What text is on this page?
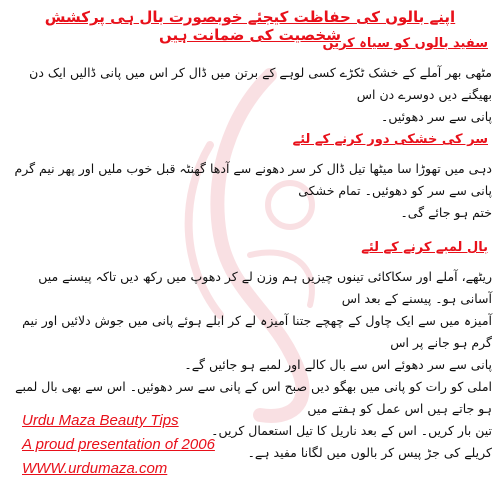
اپنے بالوں کی حفاظت کیجئے خوبصورت بال ہی پرکشش شخصیت کی ضمانت ہیں
سفید بالوں کو سیاہ کریں

مٹھی بھر آملے کے خشک ٹکڑے کسی لوہے کے برتن میں ڈال کر اس میں پانی ڈالیں ایک دن بھیگنے دیں دوسرے دن اس

پانی سے سر دھوئیں۔

سر کی خشکی دور کرنے کے لئے

دہی میں تھوڑا سا میٹھا تیل ڈال کر سر دھونے سے آدھا گھنٹہ قبل خوب ملیں اور پھر نیم گرم پانی سے سر کو دھوئیں۔ تمام خشکی

ختم ہو جائے گی۔

بال لمبے کرنے کے لئے

ریٹھے، آملے اور سکاکائی تینوں چیزیں ہم وزن لے کر دھوپ میں رکھ دیں تاکہ پیسنے میں آسانی ہو۔ پیسنے کے بعد اس

آمیزہ میں سے ایک چاول کے چھچے جتنا آمیزہ لے کر ابلے ہوئے پانی میں جوش دلائیں اور نیم گرم ہو جانے پر اس

پانی سے سر دھوئے اس سے بال کالے اور لمبے ہو جائیں گے۔

املی کو رات کو پانی میں بھگو دیں صبح اس کے پانی سے سر دھوئیں۔ اس سے بھی بال لمبے ہو جاتے ہیں اس عمل کو ہفتے میں

تین بار کریں۔ اس کے بعد ناریل کا تیل استعمال کریں۔

کریلے کی جڑ پیس کر بالوں میں لگانا مفید ہے۔

Urdu Maza Beauty Tips
A proud presentation of 2006
WWW.urdumaza.com
